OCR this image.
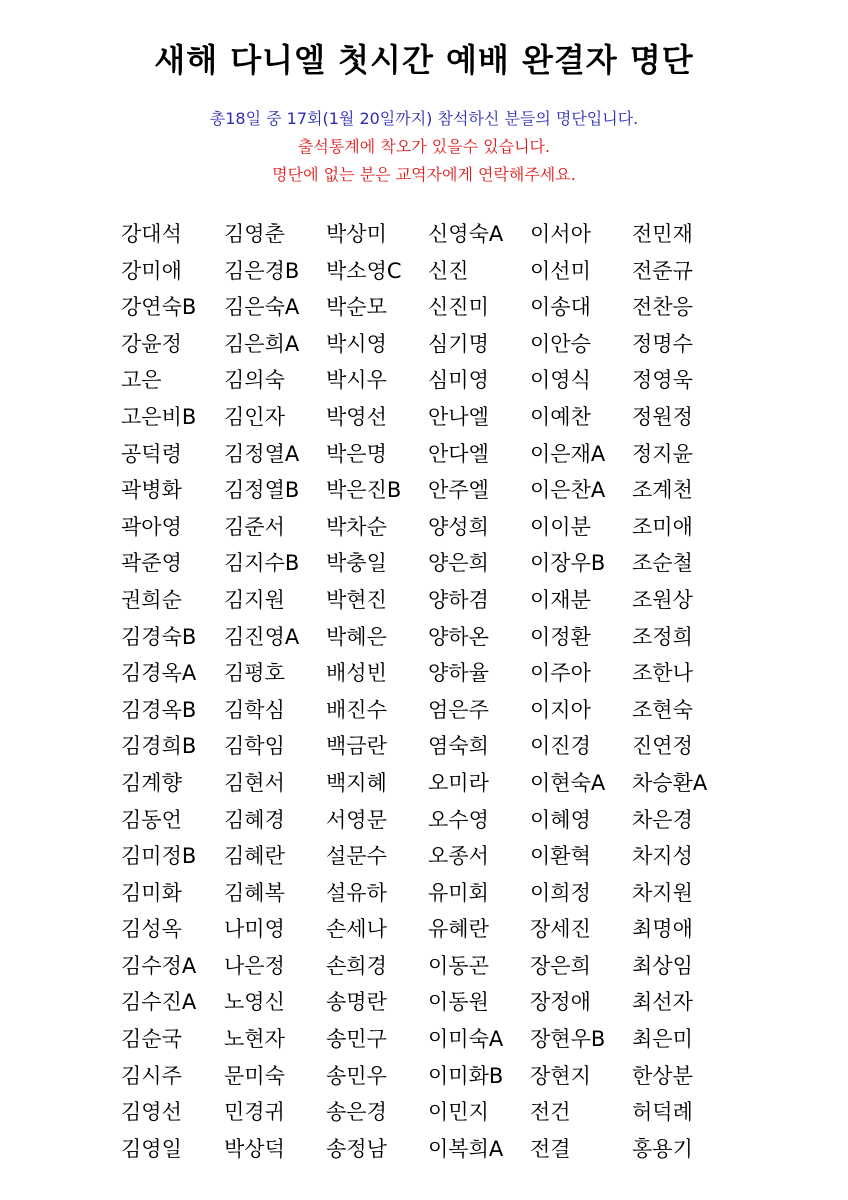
새해 다니엘 첫시간 예배 완결자 명단

총18일 중 17회(1월 20일까지) 참석하신 분들의 명단입니다.

출석통계에 착오가 있을수 있습니다.

명단에 없는 분은 교역자에게 연락해주세요.

강대석	김영춘	박상미	신영숙A	이서아	전민재
강미애	김은경B	박소영C	신진	이선미	전준규
강연숙B	김은숙A	박순모	신진미	이송대	전찬응
강윤정	김은희A	박시영	심기명	이안승	정명수
고은	김의숙	박시우	심미영	이영식	정영욱
고은비B	김인자	박영선	안나엘	이예찬	정원정
공덕령	김정열A	박은명	안다엘	이은재A	정지윤
곽병화	김정열B	박은진B	안주엘	이은찬A	조계천
곽아영	김준서	박차순	양성희	이이분	조미애
곽준영	김지수B	박충일	양은희	이장우B	조순철
권희순	김지원	박현진	양하겸	이재분	조원상
김경숙B	김진영A	박혜은	양하온	이정환	조정희
김경옥A	김평호	배성빈	양하율	이주아	조한나
김경옥B	김학심	배진수	엄은주	이지아	조현숙
김경희B	김학임	백금란	염숙희	이진경	진연정
김계향	김현서	백지혜	오미라	이현숙A	차승환A
김동언	김혜경	서영문	오수영	이혜영	차은경
김미정B	김혜란	설문수	오종서	이환혁	차지성
김미화	김혜복	설유하	유미회	이희정	차지원
김성옥	나미영	손세나	유혜란	장세진	최명애
김수정A	나은정	손희경	이동곤	장은희	최상임
김수진A	노영신	송명란	이동원	장정애	최선자
김순국	노현자	송민구	이미숙A	장현우B	최은미
김시주	문미숙	송민우	이미화B	장현지	한상분
김영선	민경귀	송은경	이민지	전건	허덕례
김영일	박상덕	송정남	이복희A	전결	홍용기
